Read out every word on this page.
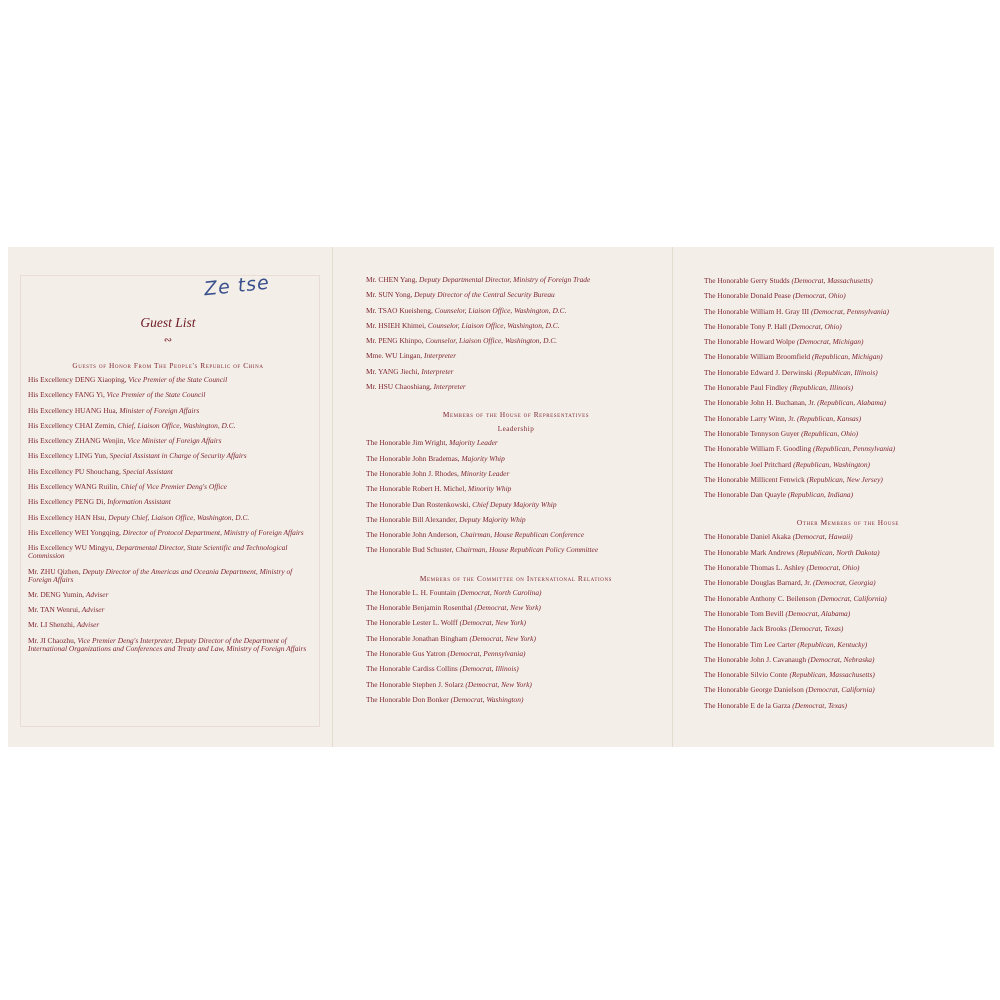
Ze tse
Guest List
∾
Guests of Honor From The People's Republic of China
His Excellency DENG Xiaoping, Vice Premier of the State Council
His Excellency FANG Yi, Vice Premier of the State Council
His Excellency HUANG Hua, Minister of Foreign Affairs
His Excellency CHAI Zemin, Chief, Liaison Office, Washington, D.C.
His Excellency ZHANG Wenjin, Vice Minister of Foreign Affairs
His Excellency LING Yun, Special Assistant in Charge of Security Affairs
His Excellency PU Shouchang, Special Assistant
His Excellency WANG Ruilin, Chief of Vice Premier Deng's Office
His Excellency PENG Di, Information Assistant
His Excellency HAN Hsu, Deputy Chief, Liaison Office, Washington, D.C.
His Excellency WEI Yongqing, Director of Protocol Department, Ministry of Foreign Affairs
His Excellency WU Mingyu, Departmental Director, State Scientific and Technological Commission
Mr. ZHU Qizhen, Deputy Director of the Americas and Oceania Department, Ministry of Foreign Affairs
Mr. DENG Yumin, Adviser
Mr. TAN Wenrui, Adviser
Mr. LI Shenzhi, Adviser
Mr. JI Chaozhu, Vice Premier Deng's Interpreter, Deputy Director of the Department of International Organizations and Conferences and Treaty and Law, Ministry of Foreign Affairs
Mr. CHEN Yang, Deputy Departmental Director, Ministry of Foreign Trade
Mr. SUN Yong, Deputy Director of the Central Security Bureau
Mr. TSAO Kueisheng, Counselor, Liaison Office, Washington, D.C.
Mr. HSIEH Khimei, Counselor, Liaison Office, Washington, D.C.
Mr. PENG Khinpo, Counselor, Liaison Office, Washington, D.C.
Mme. WU Lingan, Interpreter
Mr. YANG Jiechi, Interpreter
Mr. HSU Chaoshiang, Interpreter
Members of the House of Representatives
Leadership
The Honorable Jim Wright, Majority Leader
The Honorable John Brademas, Majority Whip
The Honorable John J. Rhodes, Minority Leader
The Honorable Robert H. Michel, Minority Whip
The Honorable Dan Rostenkowski, Chief Deputy Majority Whip
The Honorable Bill Alexander, Deputy Majority Whip
The Honorable John Anderson, Chairman, House Republican Conference
The Honorable Bud Schuster, Chairman, House Republican Policy Committee
Members of the Committee on International Relations
The Honorable L. H. Fountain (Democrat, North Carolina)
The Honorable Benjamin Rosenthal (Democrat, New York)
The Honorable Lester L. Wolff (Democrat, New York)
The Honorable Jonathan Bingham (Democrat, New York)
The Honorable Gus Yatron (Democrat, Pennsylvania)
The Honorable Cardiss Collins (Democrat, Illinois)
The Honorable Stephen J. Solarz (Democrat, New York)
The Honorable Don Bonker (Democrat, Washington)
The Honorable Gerry Studds (Democrat, Massachusetts)
The Honorable Donald Pease (Democrat, Ohio)
The Honorable William H. Gray III (Democrat, Pennsylvania)
The Honorable Tony P. Hall (Democrat, Ohio)
The Honorable Howard Wolpe (Democrat, Michigan)
The Honorable William Broomfield (Republican, Michigan)
The Honorable Edward J. Derwinski (Republican, Illinois)
The Honorable Paul Findley (Republican, Illinois)
The Honorable John H. Buchanan, Jr. (Republican, Alabama)
The Honorable Larry Winn, Jr. (Republican, Kansas)
The Honorable Tennyson Guyer (Republican, Ohio)
The Honorable William F. Goodling (Republican, Pennsylvania)
The Honorable Joel Pritchard (Republican, Washington)
The Honorable Millicent Fenwick (Republican, New Jersey)
The Honorable Dan Quayle (Republican, Indiana)
Other Members of the House
The Honorable Daniel Akaka (Democrat, Hawaii)
The Honorable Mark Andrews (Republican, North Dakota)
The Honorable Thomas L. Ashley (Democrat, Ohio)
The Honorable Douglas Barnard, Jr. (Democrat, Georgia)
The Honorable Anthony C. Beilenson (Democrat, California)
The Honorable Tom Bevill (Democrat, Alabama)
The Honorable Jack Brooks (Democrat, Texas)
The Honorable Tim Lee Carter (Republican, Kentucky)
The Honorable John J. Cavanaugh (Democrat, Nebraska)
The Honorable Silvio Conte (Republican, Massachusetts)
The Honorable George Danielson (Democrat, California)
The Honorable E de la Garza (Democrat, Texas)
